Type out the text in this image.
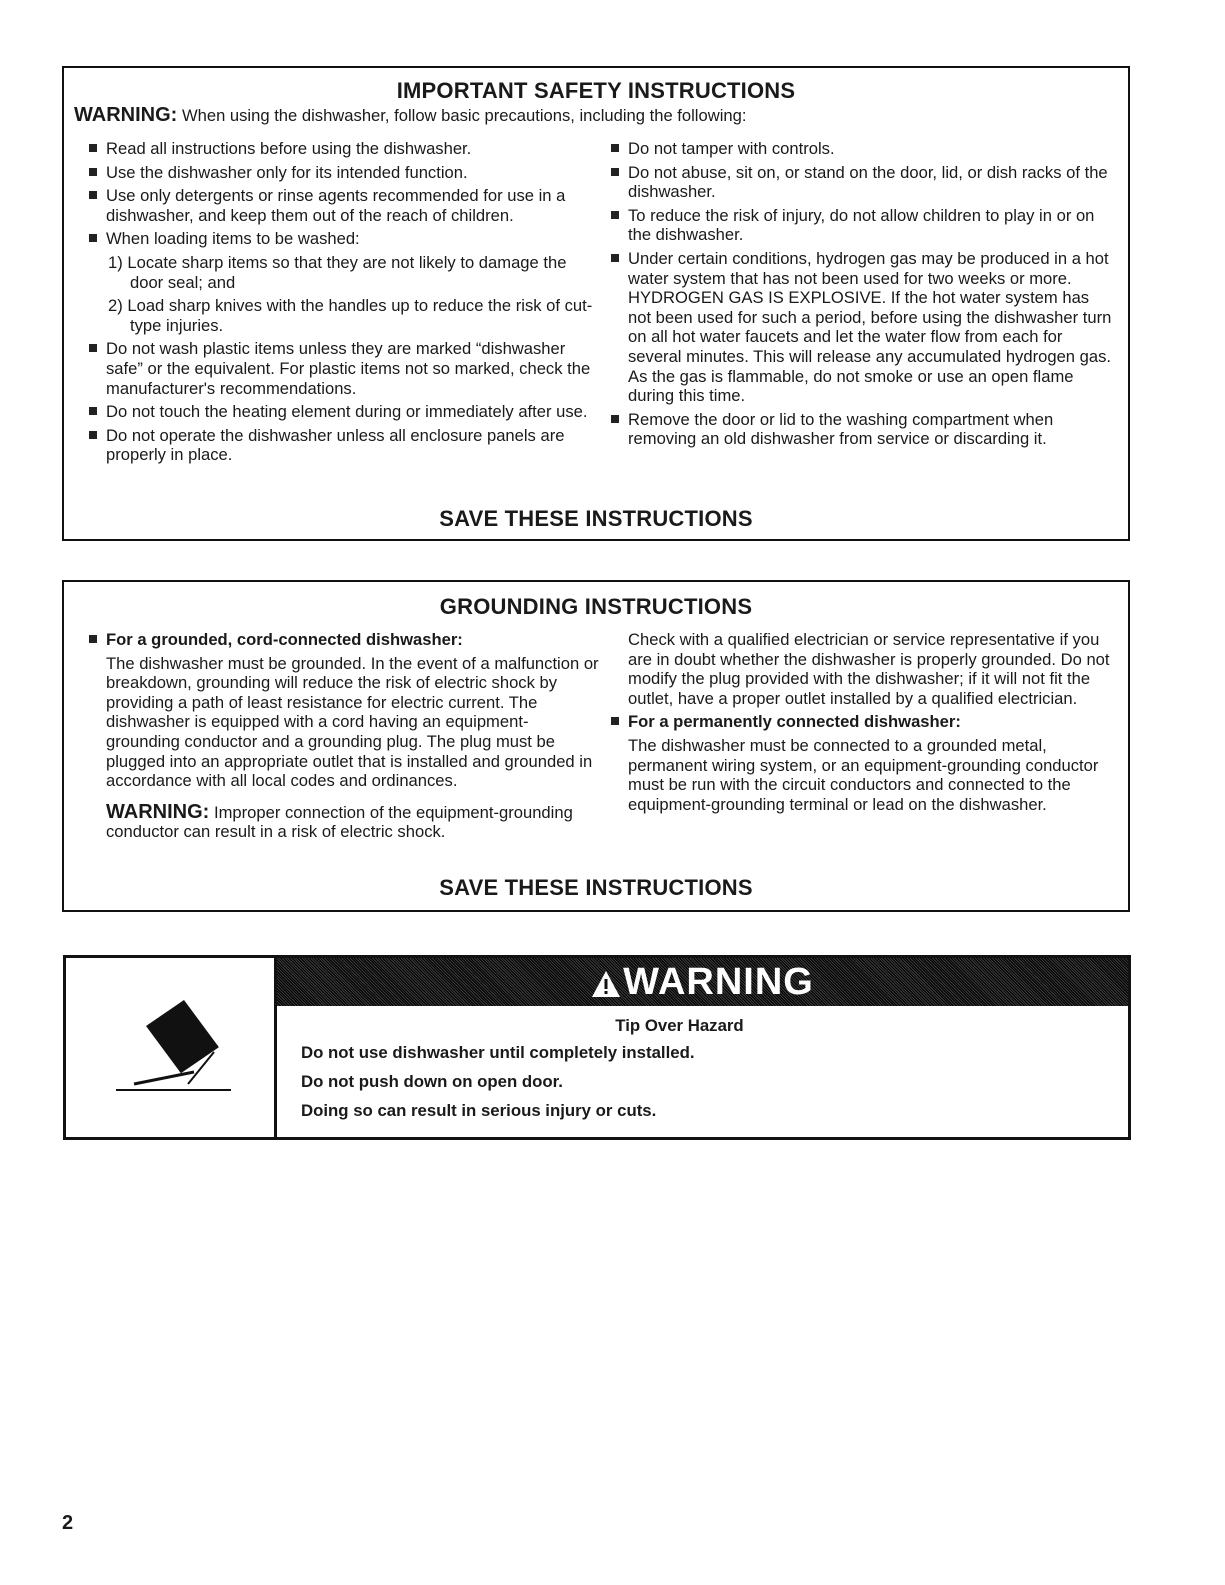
IMPORTANT SAFETY INSTRUCTIONS
WARNING: When using the dishwasher, follow basic precautions, including the following:
Read all instructions before using the dishwasher.
Use the dishwasher only for its intended function.
Use only detergents or rinse agents recommended for use in a dishwasher, and keep them out of the reach of children.
When loading items to be washed:
1) Locate sharp items so that they are not likely to damage the door seal; and
2) Load sharp knives with the handles up to reduce the risk of cut-type injuries.
Do not wash plastic items unless they are marked “dishwasher safe” or the equivalent. For plastic items not so marked, check the manufacturer's recommendations.
Do not touch the heating element during or immediately after use.
Do not operate the dishwasher unless all enclosure panels are properly in place.
Do not tamper with controls.
Do not abuse, sit on, or stand on the door, lid, or dish racks of the dishwasher.
To reduce the risk of injury, do not allow children to play in or on the dishwasher.
Under certain conditions, hydrogen gas may be produced in a hot water system that has not been used for two weeks or more. HYDROGEN GAS IS EXPLOSIVE. If the hot water system has not been used for such a period, before using the dishwasher turn on all hot water faucets and let the water flow from each for several minutes. This will release any accumulated hydrogen gas. As the gas is flammable, do not smoke or use an open flame during this time.
Remove the door or lid to the washing compartment when removing an old dishwasher from service or discarding it.
SAVE THESE INSTRUCTIONS
GROUNDING INSTRUCTIONS
For a grounded, cord-connected dishwasher:

The dishwasher must be grounded. In the event of a malfunction or breakdown, grounding will reduce the risk of electric shock by providing a path of least resistance for electric current. The dishwasher is equipped with a cord having an equipment-grounding conductor and a grounding plug. The plug must be plugged into an appropriate outlet that is installed and grounded in accordance with all local codes and ordinances.

WARNING: Improper connection of the equipment-grounding conductor can result in a risk of electric shock.

Check with a qualified electrician or service representative if you are in doubt whether the dishwasher is properly grounded. Do not modify the plug provided with the dishwasher; if it will not fit the outlet, have a proper outlet installed by a qualified electrician.

For a permanently connected dishwasher:

The dishwasher must be connected to a grounded metal, permanent wiring system, or an equipment-grounding conductor must be run with the circuit conductors and connected to the equipment-grounding terminal or lead on the dishwasher.

SAVE THESE INSTRUCTIONS
WARNING
Tip Over Hazard
Do not use dishwasher until completely installed.
Do not push down on open door.
Doing so can result in serious injury or cuts.
2
